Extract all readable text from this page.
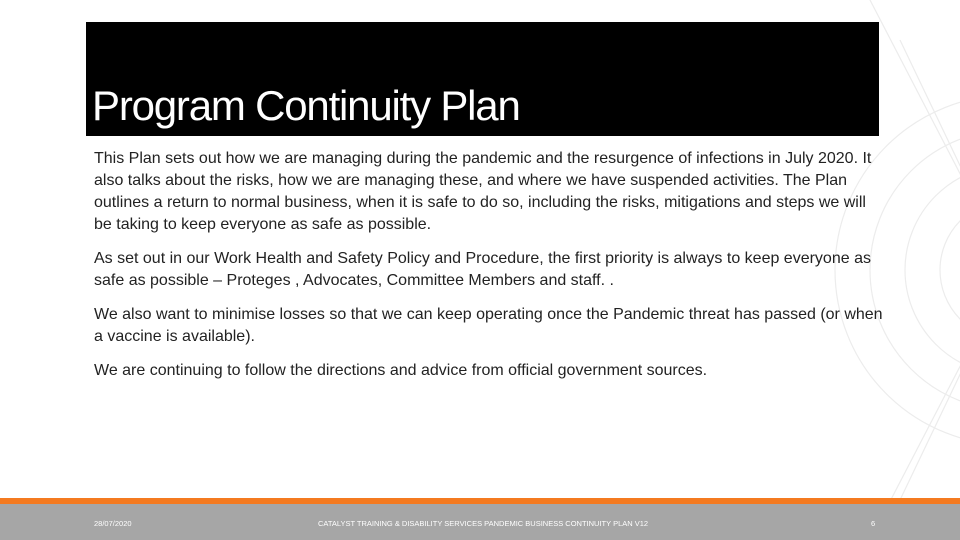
Program Continuity Plan

This Plan sets out how we are managing during the pandemic and the resurgence of infections in July 2020. It also talks about the risks, how we are managing these, and where we have suspended activities. The Plan outlines a return to normal business, when it is safe to do so, including the risks, mitigations and steps we will be taking to keep everyone as safe as possible.

As set out in our Work Health and Safety Policy and Procedure, the first priority is always to keep everyone as safe as possible – Proteges , Advocates, Committee Members and staff. .

We also want to minimise losses so that we can keep operating once the Pandemic threat has passed (or when a vaccine is available).

We are continuing to follow the directions and advice from official government sources.

28/07/2020	CATALYST TRAINING & DISABILITY SERVICES PANDEMIC BUSINESS CONTINUITY PLAN V12	6
